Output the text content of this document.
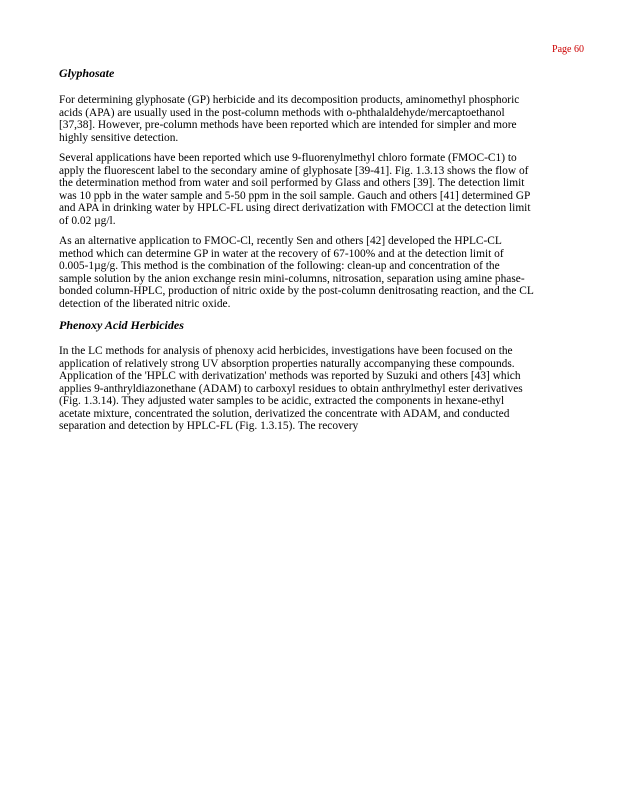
Page 60
Glyphosate

For determining glyphosate (GP) herbicide and its decomposition products, aminomethyl phosphoric
acids (APA) are usually used in the post-column methods with o-phthalaldehyde/mercaptoethanol
[37,38]. However, pre-column methods have been reported which are intended for simpler and more
highly sensitive detection.

Several applications have been reported which use 9-fluorenylmethyl chloro formate (FMOC-C1) to
apply the fluorescent label to the secondary amine of glyphosate [39-41]. Fig. 1.3.13 shows the flow of
the determination method from water and soil performed by Glass and others [39]. The detection limit
was 10 ppb in the water sample and 5-50 ppm in the soil sample. Gauch and others [41] determined GP
and APA in drinking water by HPLC-FL using direct derivatization with FMOCCl at the detection limit
of 0.02 µg/l.

As an alternative application to FMOC-Cl, recently Sen and others [42] developed the HPLC-CL
method which can determine GP in water at the recovery of 67-100% and at the detection limit of
0.005-1µg/g. This method is the combination of the following: clean-up and concentration of the
sample solution by the anion exchange resin mini-columns, nitrosation, separation using amine phase-
bonded column-HPLC, production of nitric oxide by the post-column denitrosating reaction, and the CL
detection of the liberated nitric oxide.

Phenoxy Acid Herbicides

In the LC methods for analysis of phenoxy acid herbicides, investigations have been focused on the
application of relatively strong UV absorption properties naturally accompanying these compounds.
Application of the 'HPLC with derivatization' methods was reported by Suzuki and others [43] which
applies 9-anthryldiazonethane (ADAM) to carboxyl residues to obtain anthrylmethyl ester derivatives
(Fig. 1.3.14). They adjusted water samples to be acidic, extracted the components in hexane-ethyl
acetate mixture, concentrated the solution, derivatized the concentrate with ADAM, and conducted
separation and detection by HPLC-FL (Fig. 1.3.15). The recovery
